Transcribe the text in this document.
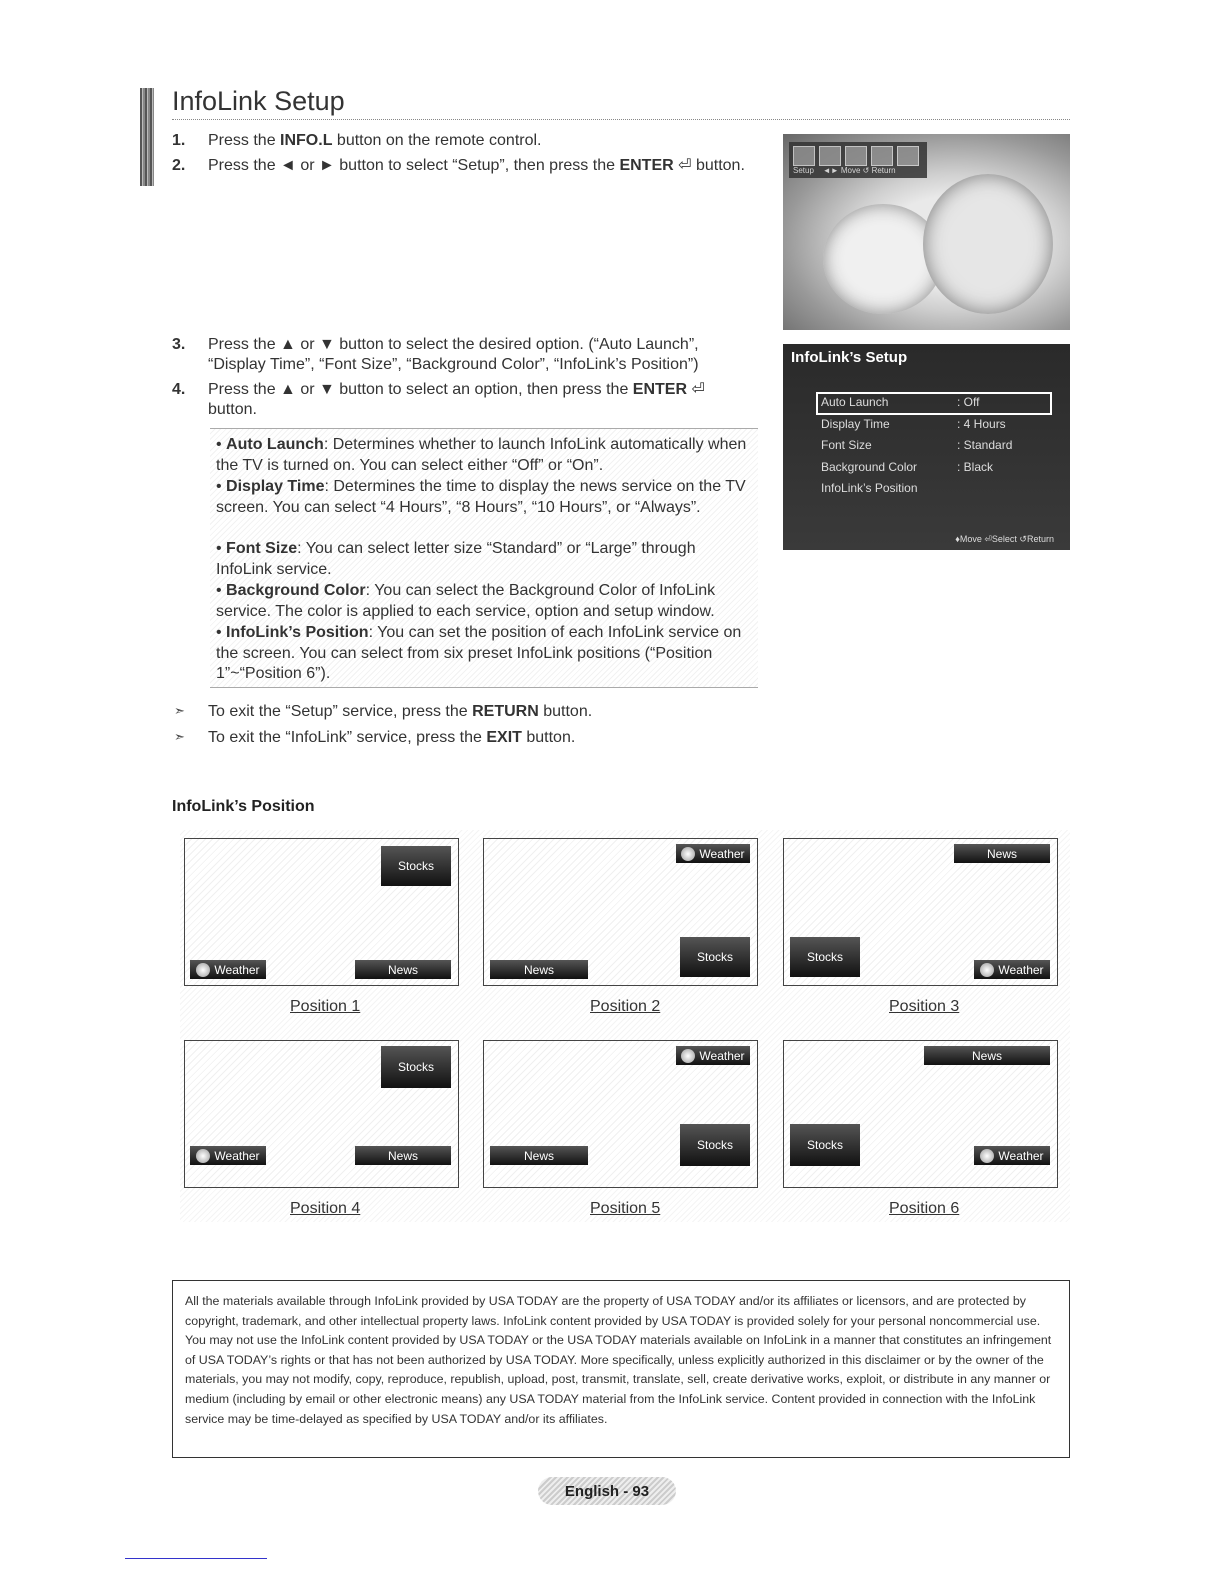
InfoLink Setup
1. Press the INFO.L button on the remote control.
2. Press the ◄ or ► button to select “Setup”, then press the ENTER ⏎ button.	Setup ◄► Move ↺ Return
3. Press the ▲ or ▼ button to select the desired option. (“Auto Launch”,
“Display Time”, “Font Size”, “Background Color”, “InfoLink’s Position”)
4. Press the ▲ or ▼ button to select an option, then press the ENTER ⏎
button.
InfoLink’s Setup
Auto Launch	: Off
Display Time	: 4 Hours
Font Size	: Standard
Background Color	: Black
InfoLink’s Position
♦Move ⏎Select ↺Return
• Auto Launch: Determines whether to launch InfoLink automatically when the TV is turned on. You can select either “Off” or “On”.
• Display Time: Determines the time to display the news service on the TV screen. You can select “4 Hours”, “8 Hours”, “10 Hours”, or “Always”.
• Font Size: You can select letter size “Standard” or “Large” through InfoLink service.
• Background Color: You can select the Background Color of InfoLink service. The color is applied to each service, option and setup window.
• InfoLink’s Position: You can set the position of each InfoLink service on the screen. You can select from six preset InfoLink positions (“Position 1”~“Position 6”).
➣ To exit the “Setup” service, press the RETURN button.
➣ To exit the “InfoLink” service, press the EXIT button.
InfoLink’s Position
Stocks
Weather	News
Position 1
Weather
Stocks
News
Position 2
News
Stocks
Weather
Position 3
Stocks
Weather	News
Position 4
Weather
Stocks
News
Position 5
News
Stocks
Weather
Position 6

All the materials available through InfoLink provided by USA TODAY are the property of USA TODAY and/or its affiliates or licensors, and are protected by copyright, trademark, and other intellectual property laws. InfoLink content provided by USA TODAY is provided solely for your personal noncommercial use. You may not use the InfoLink content provided by USA TODAY or the USA TODAY materials available on InfoLink in a manner that constitutes an infringement of USA TODAY’s rights or that has not been authorized by USA TODAY. More specifically, unless explicitly authorized in this disclaimer or by the owner of the materials, you may not modify, copy, reproduce, republish, upload, post, transmit, translate, sell, create derivative works, exploit, or distribute in any manner or medium (including by email or other electronic means) any USA TODAY material from the InfoLink service. Content provided in connection with the InfoLink service may be time-delayed as specified by USA TODAY and/or its affiliates.

English - 93
